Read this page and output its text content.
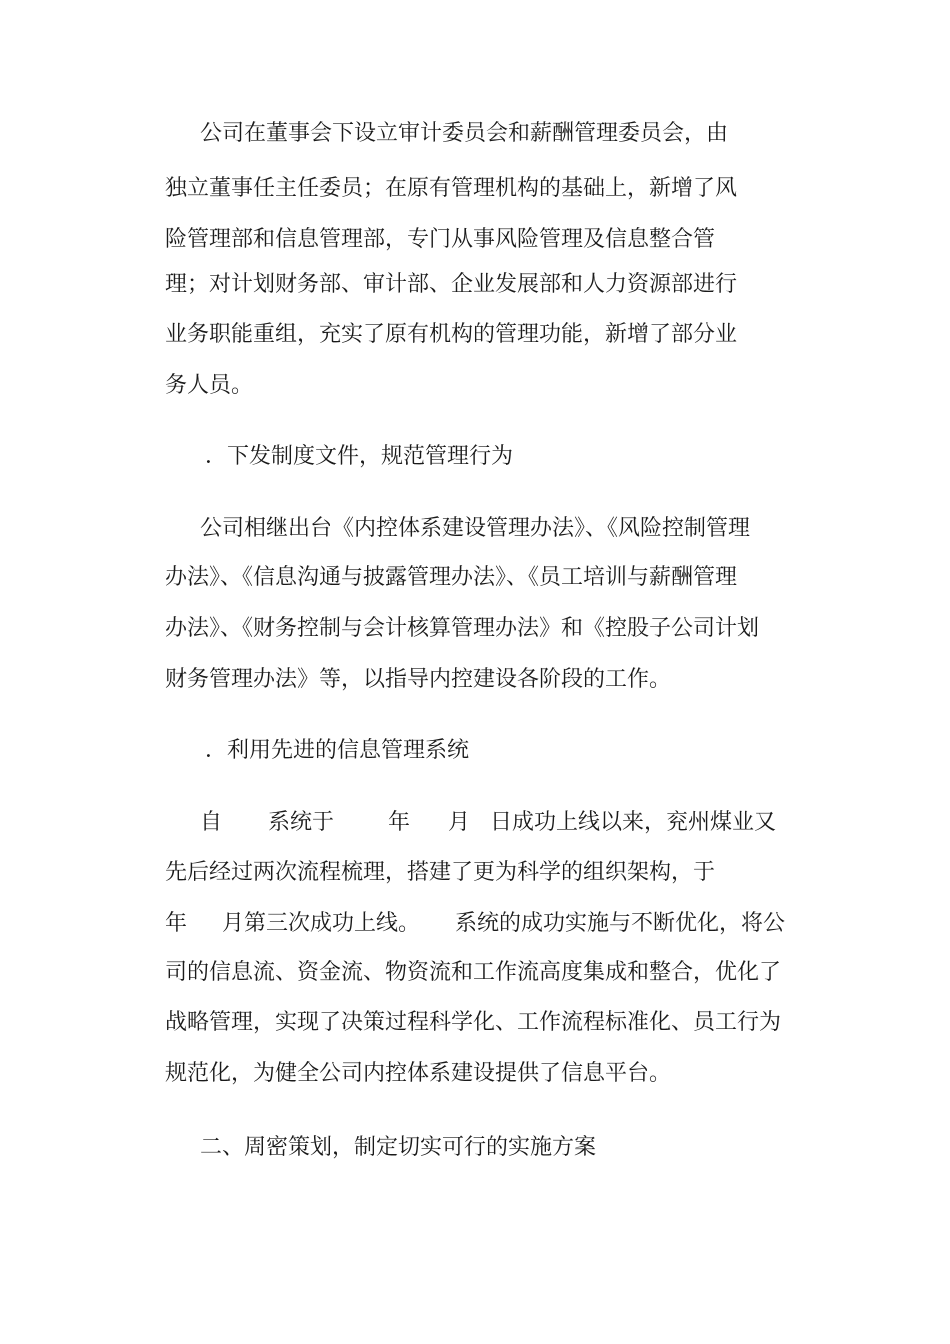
公司在董事会下设立审计委员会和薪酬管理委员会，由

独立董事任主任委员；在原有管理机构的基础上，新增了风

险管理部和信息管理部，专门从事风险管理及信息整合管

理；对计划财务部、审计部、企业发展部和人力资源部进行

业务职能重组，充实了原有机构的管理功能，新增了部分业

务人员。

．下发制度文件，规范管理行为

公司相继出台《内控体系建设管理办法》、《风险控制管理

办法》、《信息沟通与披露管理办法》、《员工培训与薪酬管理

办法》、《财务控制与会计核算管理办法》和《控股子公司计划

财务管理办法》等，以指导内控建设各阶段的工作。

．利用先进的信息管理系统

自

系统于

年

月

日成功上线以来，兖州煤业又

先后经过两次流程梳理，搭建了更为科学的组织架构，于

年

月第三次成功上线。

系统的成功实施与不断优化，将公

司的信息流、资金流、物资流和工作流高度集成和整合，优化了

战略管理，实现了决策过程科学化、工作流程标准化、员工行为

规范化，为健全公司内控体系建设提供了信息平台。

二、周密策划，制定切实可行的实施方案
